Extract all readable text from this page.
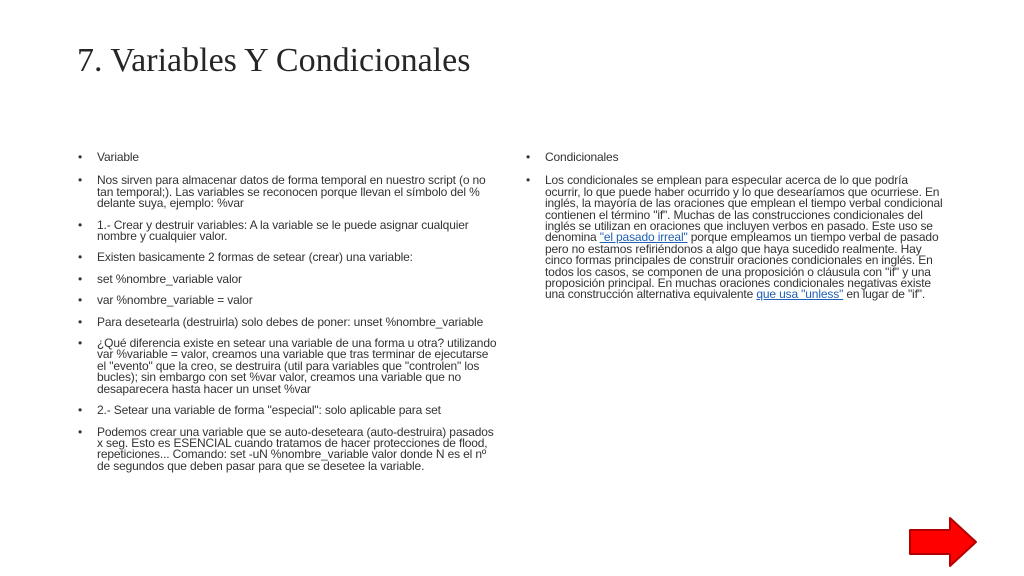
7. Variables Y Condicionales
• Variable
• Nos sirven para almacenar datos de forma temporal en nuestro script (o no tan temporal;). Las variables se reconocen porque llevan el símbolo del % delante suya, ejemplo: %var
• 1.- Crear y destruir variables: A la variable se le puede asignar cualquier nombre y cualquier valor.
• Existen basicamente 2 formas de setear (crear) una variable:
• set %nombre_variable valor
• var %nombre_variable = valor
• Para desetearla (destruirla) solo debes de poner: unset %nombre_variable
• ¿Qué diferencia existe en setear una variable de una forma u otra? utilizando var %variable = valor, creamos una variable que tras terminar de ejecutarse el "evento" que la creo, se destruira (util para variables que "controlen" los bucles); sin embargo con set %var valor, creamos una variable que no desaparecera hasta hacer un unset %var
• 2.- Setear una variable de forma "especial": solo aplicable para set
• Podemos crear una variable que se auto-deseteara (auto-destruira) pasados x seg. Esto es ESENCIAL cuando tratamos de hacer protecciones de flood, repeticiones... Comando: set -uN %nombre_variable valor donde N es el nº de segundos que deben pasar para que se desetee la variable.
• Condicionales
• Los condicionales se emplean para especular acerca de lo que podría ocurrir, lo que puede haber ocurrido y lo que desearíamos que ocurriese. En inglés, la mayoría de las oraciones que emplean el tiempo verbal condicional contienen el término "if". Muchas de las construcciones condicionales del inglés se utilizan en oraciones que incluyen verbos en pasado. Este uso se denomina "el pasado irreal" porque empleamos un tiempo verbal de pasado pero no estamos refiriéndonos a algo que haya sucedido realmente. Hay cinco formas principales de construir oraciones condicionales en inglés. En todos los casos, se componen de una proposición o cláusula con "if" y una proposición principal. En muchas oraciones condicionales negativas existe una construcción alternativa equivalente que usa "unless" en lugar de "if".
